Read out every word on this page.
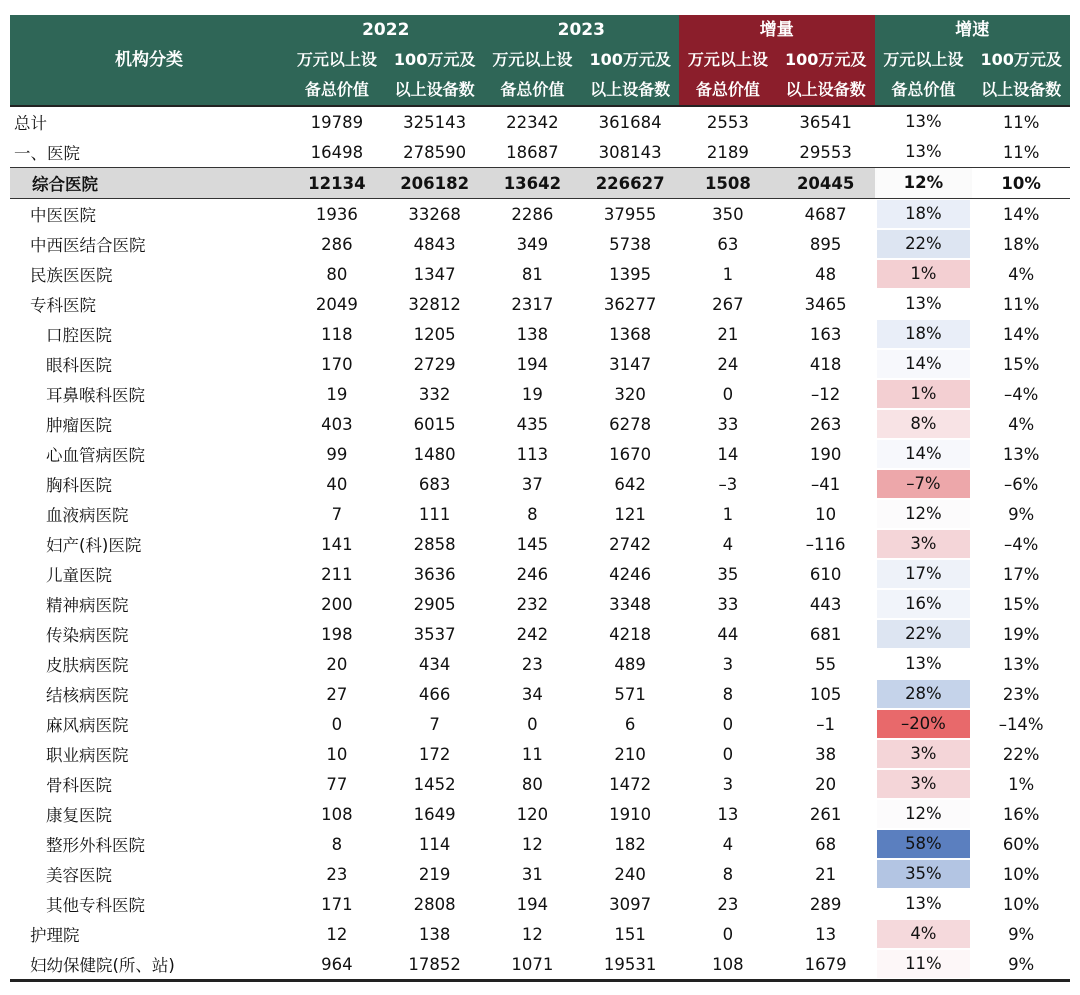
机构分类	2022		2023		增量		增速	
	万元以上设	100万元及	万元以上设	100万元及	万元以上设	100万元及	万元以上设	100万元及
	备总价值	以上设备数	备总价值	以上设备数	备总价值	以上设备数	备总价值	以上设备数
总计	19789	325143	22342	361684	2553	36541	13%	11%
一、医院	16498	278590	18687	308143	2189	29553	13%	11%
综合医院	12134	206182	13642	226627	1508	20445	12%	10%
中医医院	1936	33268	2286	37955	350	4687	18%	14%
中西医结合医院	286	4843	349	5738	63	895	22%	18%
民族医医院	80	1347	81	1395	1	48	1%	4%
专科医院	2049	32812	2317	36277	267	3465	13%	11%
口腔医院	118	1205	138	1368	21	163	18%	14%
眼科医院	170	2729	194	3147	24	418	14%	15%
耳鼻喉科医院	19	332	19	320	0	–12	1%	–4%
肿瘤医院	403	6015	435	6278	33	263	8%	4%
心血管病医院	99	1480	113	1670	14	190	14%	13%
胸科医院	40	683	37	642	–3	–41	–7%	–6%
血液病医院	7	111	8	121	1	10	12%	9%
妇产(科)医院	141	2858	145	2742	4	–116	3%	–4%
儿童医院	211	3636	246	4246	35	610	17%	17%
精神病医院	200	2905	232	3348	33	443	16%	15%
传染病医院	198	3537	242	4218	44	681	22%	19%
皮肤病医院	20	434	23	489	3	55	13%	13%
结核病医院	27	466	34	571	8	105	28%	23%
麻风病医院	0	7	0	6	0	–1	–20%	–14%
职业病医院	10	172	11	210	0	38	3%	22%
骨科医院	77	1452	80	1472	3	20	3%	1%
康复医院	108	1649	120	1910	13	261	12%	16%
整形外科医院	8	114	12	182	4	68	58%	60%
美容医院	23	219	31	240	8	21	35%	10%
其他专科医院	171	2808	194	3097	23	289	13%	10%
护理院	12	138	12	151	0	13	4%	9%
妇幼保健院(所、站)	964	17852	1071	19531	108	1679	11%	9%
